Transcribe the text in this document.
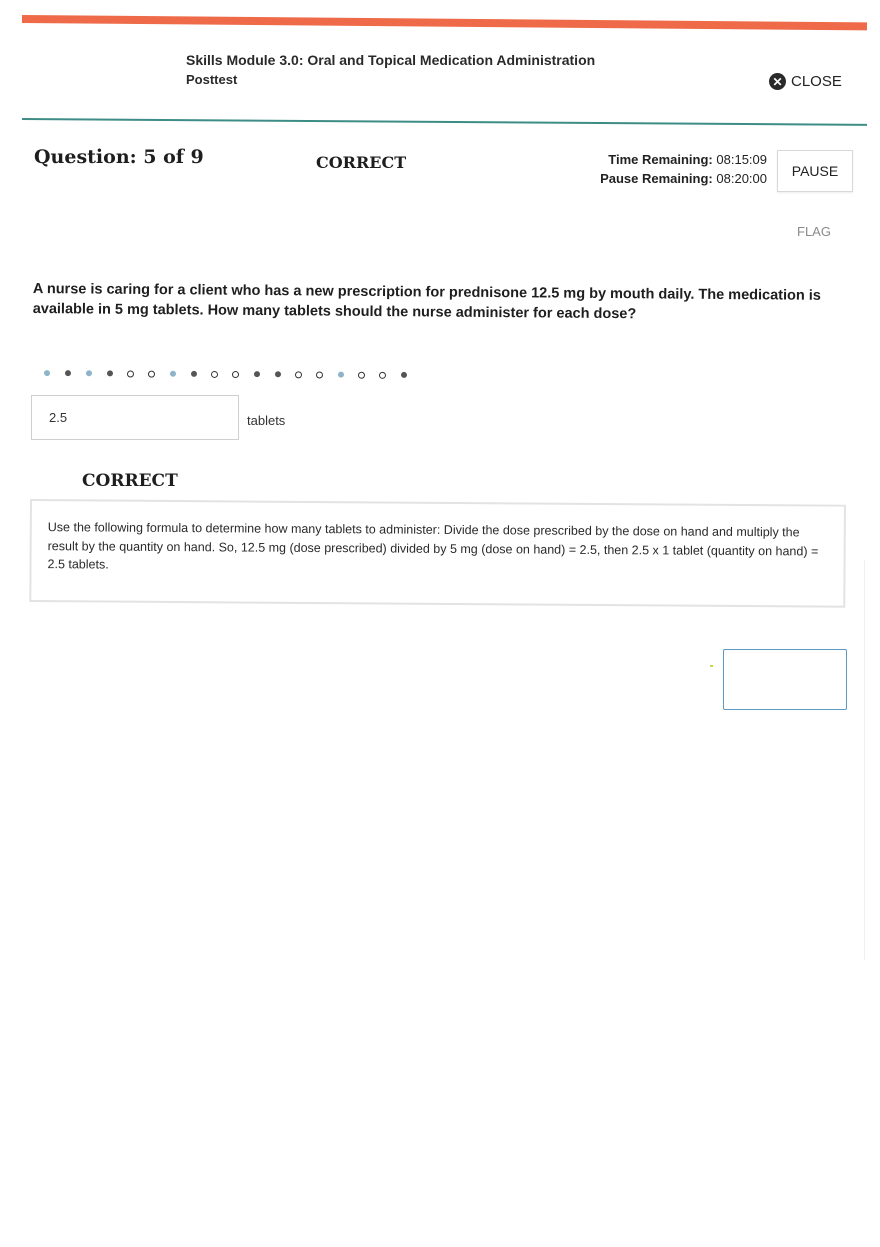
Skills Module 3.0: Oral and Topical Medication Administration
Posttest	✕ CLOSE
Question: 5 of 9	CORRECT	Time Remaining: 08:15:09
Pause Remaining: 08:20:00	PAUSE
FLAG
A nurse is caring for a client who has a new prescription for prednisone 12.5 mg by mouth daily. The medication is available in 5 mg tablets. How many tablets should the nurse administer for each dose?
2.5
tablets
CORRECT
Use the following formula to determine how many tablets to administer: Divide the dose prescribed by the dose on hand and multiply the result by the quantity on hand. So, 12.5 mg (dose prescribed) divided by 5 mg (dose on hand) = 2.5, then 2.5 x 1 tablet (quantity on hand) = 2.5 tablets.
